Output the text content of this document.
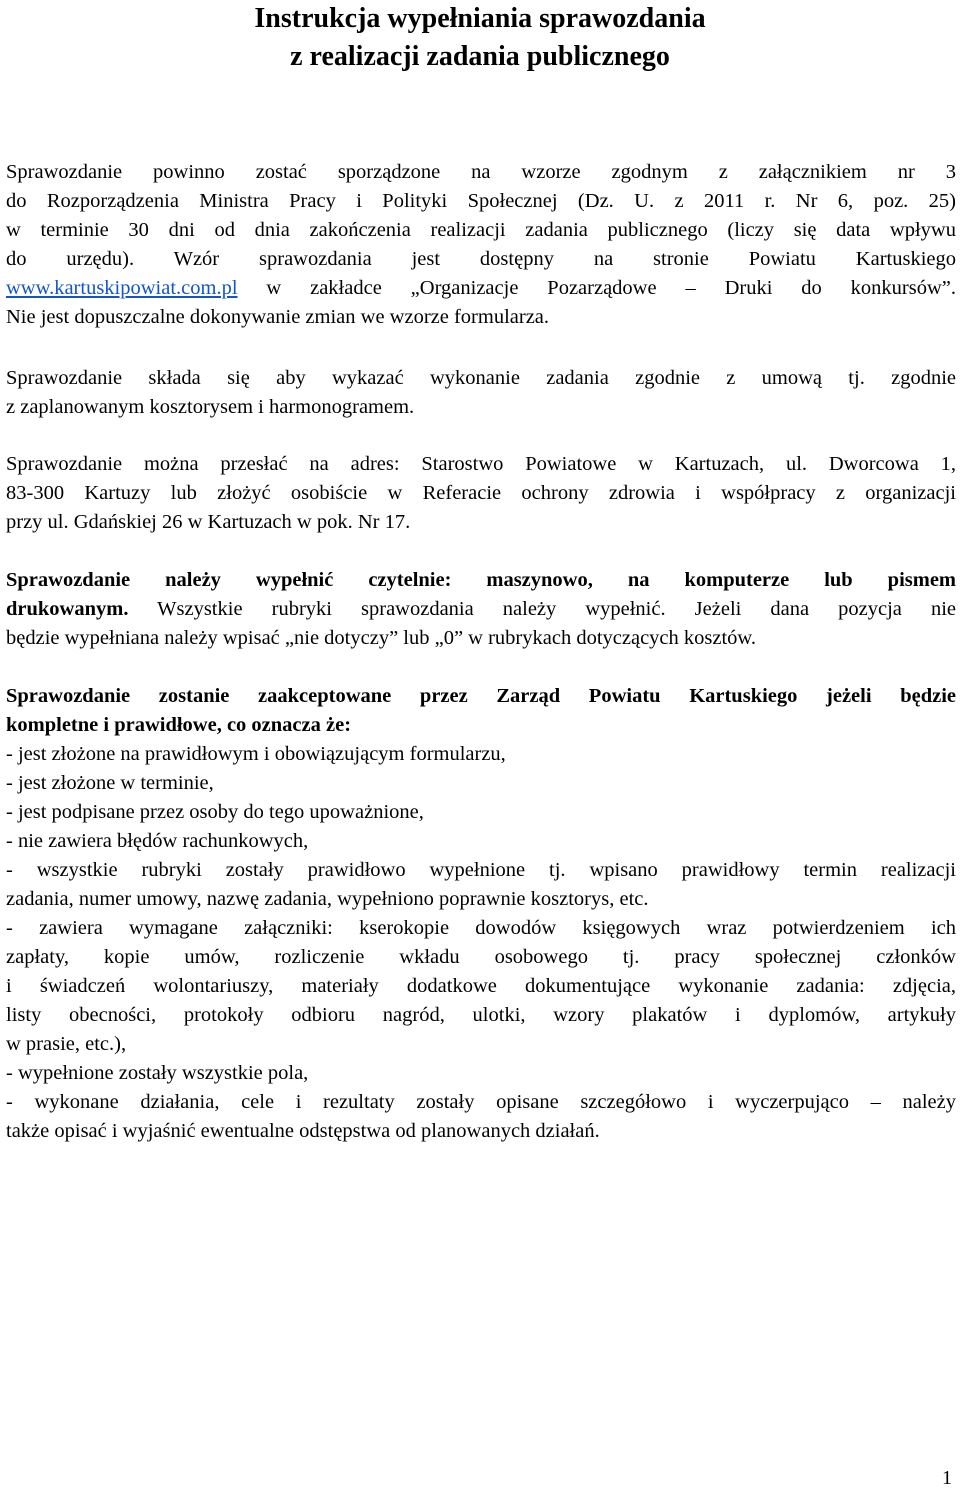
Instrukcja wypełniania sprawozdania
z realizacji zadania publicznego
Sprawozdanie powinno zostać sporządzone na wzorze zgodnym z załącznikiem nr 3
do Rozporządzenia Ministra Pracy i Polityki Społecznej (Dz. U. z 2011 r. Nr 6, poz. 25)
w terminie 30 dni od dnia zakończenia realizacji zadania publicznego (liczy się data wpływu
do urzędu). Wzór sprawozdania jest dostępny na stronie Powiatu Kartuskiego
www.kartuskipowiat.com.pl w zakładce „Organizacje Pozarządowe – Druki do konkursów”.
Nie jest dopuszczalne dokonywanie zmian we wzorze formularza.
Sprawozdanie składa się aby wykazać wykonanie zadania zgodnie z umową tj. zgodnie
z zaplanowanym kosztorysem i harmonogramem.
Sprawozdanie można przesłać na adres: Starostwo Powiatowe w Kartuzach, ul. Dworcowa 1,
83-300 Kartuzy lub złożyć osobiście w Referacie ochrony zdrowia i współpracy z organizacji
przy ul. Gdańskiej 26 w Kartuzach w pok. Nr 17.
Sprawozdanie należy wypełnić czytelnie: maszynowo, na komputerze lub pismem
drukowanym. Wszystkie rubryki sprawozdania należy wypełnić. Jeżeli dana pozycja nie
będzie wypełniana należy wpisać „nie dotyczy” lub „0” w rubrykach dotyczących kosztów.
Sprawozdanie zostanie zaakceptowane przez Zarząd Powiatu Kartuskiego jeżeli będzie
kompletne i prawidłowe, co oznacza że:
- jest złożone na prawidłowym i obowiązującym formularzu,
- jest złożone w terminie,
- jest podpisane przez osoby do tego upoważnione,
- nie zawiera błędów rachunkowych,
- wszystkie rubryki zostały prawidłowo wypełnione tj. wpisano prawidłowy termin realizacji
zadania, numer umowy, nazwę zadania, wypełniono poprawnie kosztorys, etc.
- zawiera wymagane załączniki: kserokopie dowodów księgowych wraz potwierdzeniem ich
zapłaty, kopie umów, rozliczenie wkładu osobowego tj. pracy społecznej członków
i świadczeń wolontariuszy, materiały dodatkowe dokumentujące wykonanie zadania: zdjęcia,
listy obecności, protokoły odbioru nagród, ulotki, wzory plakatów i dyplomów, artykuły
w prasie, etc.),
- wypełnione zostały wszystkie pola,
- wykonane działania, cele i rezultaty zostały opisane szczegółowo i wyczerpująco – należy
także opisać i wyjaśnić ewentualne odstępstwa od planowanych działań.
1
